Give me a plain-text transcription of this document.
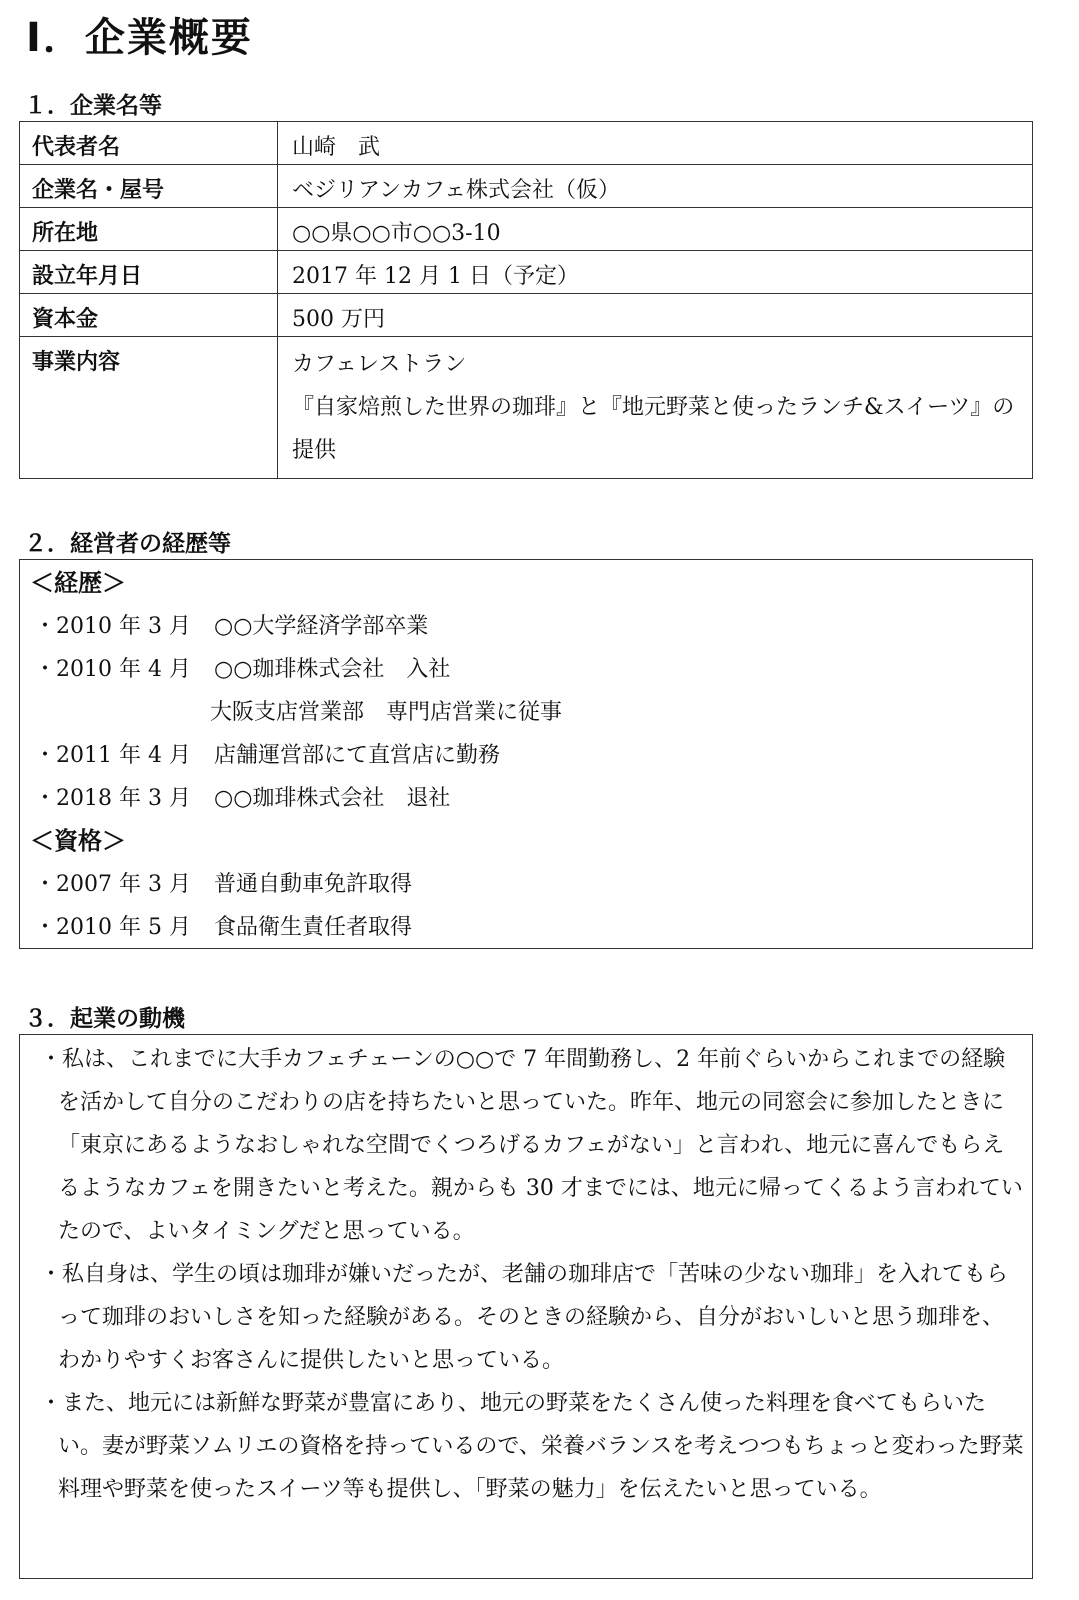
Ⅰ．企業概要
１．企業名等
代表者名	山崎　武
企業名・屋号	ベジリアンカフェ株式会社（仮）
所在地	○○県○○市○○3-10
設立年月日	2017 年 12 月 1 日（予定）
資本金	500 万円
事業内容	カフェレストラン
『自家焙煎した世界の珈琲』と『地元野菜と使ったランチ&スイーツ』の提供
２．経営者の経歴等
＜経歴＞
・2010 年 3 月 ○○大学経済学部卒業
・2010 年 4 月 ○○珈琲株式会社　入社
大阪支店営業部　専門店営業に従事
・2011 年 4 月 店舗運営部にて直営店に勤務
・2018 年 3 月 ○○珈琲株式会社　退社
＜資格＞
・2007 年 3 月 普通自動車免許取得
・2010 年 5 月 食品衛生責任者取得
３．起業の動機

・私は、これまでに大手カフェチェーンの○○で 7 年間勤務し、2 年前ぐらいからこれまでの経験を活かして自分のこだわりの店を持ちたいと思っていた。昨年、地元の同窓会に参加したときに「東京にあるようなおしゃれな空間でくつろげるカフェがない」と言われ、地元に喜んでもらえるようなカフェを開きたいと考えた。親からも 30 才までには、地元に帰ってくるよう言われていたので、よいタイミングだと思っている。

・私自身は、学生の頃は珈琲が嫌いだったが、老舗の珈琲店で「苦味の少ない珈琲」を入れてもらって珈琲のおいしさを知った経験がある。そのときの経験から、自分がおいしいと思う珈琲を、わかりやすくお客さんに提供したいと思っている。

・また、地元には新鮮な野菜が豊富にあり、地元の野菜をたくさん使った料理を食べてもらいたい。妻が野菜ソムリエの資格を持っているので、栄養バランスを考えつつもちょっと変わった野菜料理や野菜を使ったスイーツ等も提供し、「野菜の魅力」を伝えたいと思っている。
